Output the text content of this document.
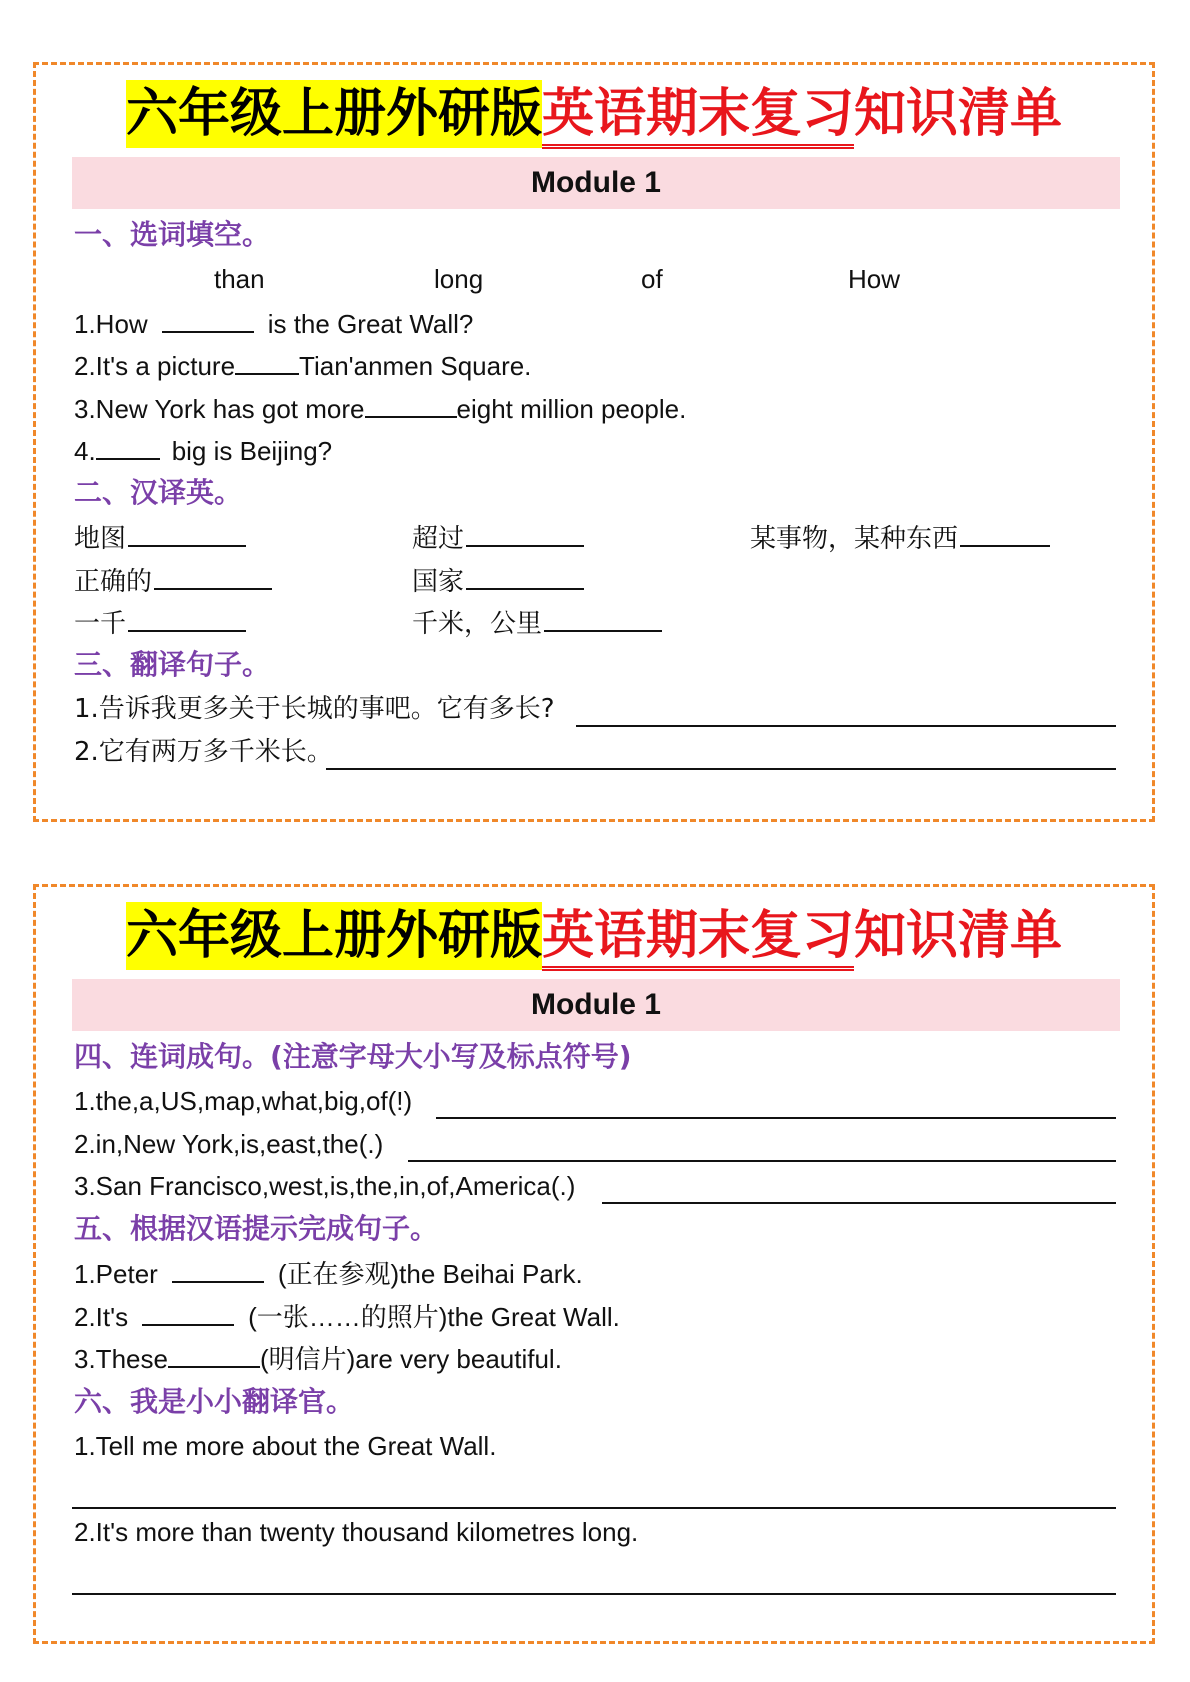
六年级上册外研版英语期末复习知识清单
Module 1
一、选词填空。
than	long	of	How
1.How	is the Great Wall?
2.It's a picture Tian'anmen Square.
3.New York has got more	eight million people.
4.	big is Beijing?
二、汉译英。
地图	超过	某事物，某种东西
正确的	国家
一千	千米，公里
三、翻译句子。
1.告诉我更多关于长城的事吧。它有多长?
2.它有两万多千米长。
六年级上册外研版英语期末复习知识清单
Module 1
四、连词成句。(注意字母大小写及标点符号)
1.the,a,US,map,what,big,of(!)
2.in,New York,is,east,the(.)
3.San Francisco,west,is,the,in,of,America(.)
五、根据汉语提示完成句子。
1.Peter	(正在参观)the Beihai Park.
2.It's	(一张……的照片)the Great Wall.
3.These	(明信片)are very beautiful.
六、我是小小翻译官。
1.Tell me more about the Great Wall.
2.It's more than twenty thousand kilometres long.
